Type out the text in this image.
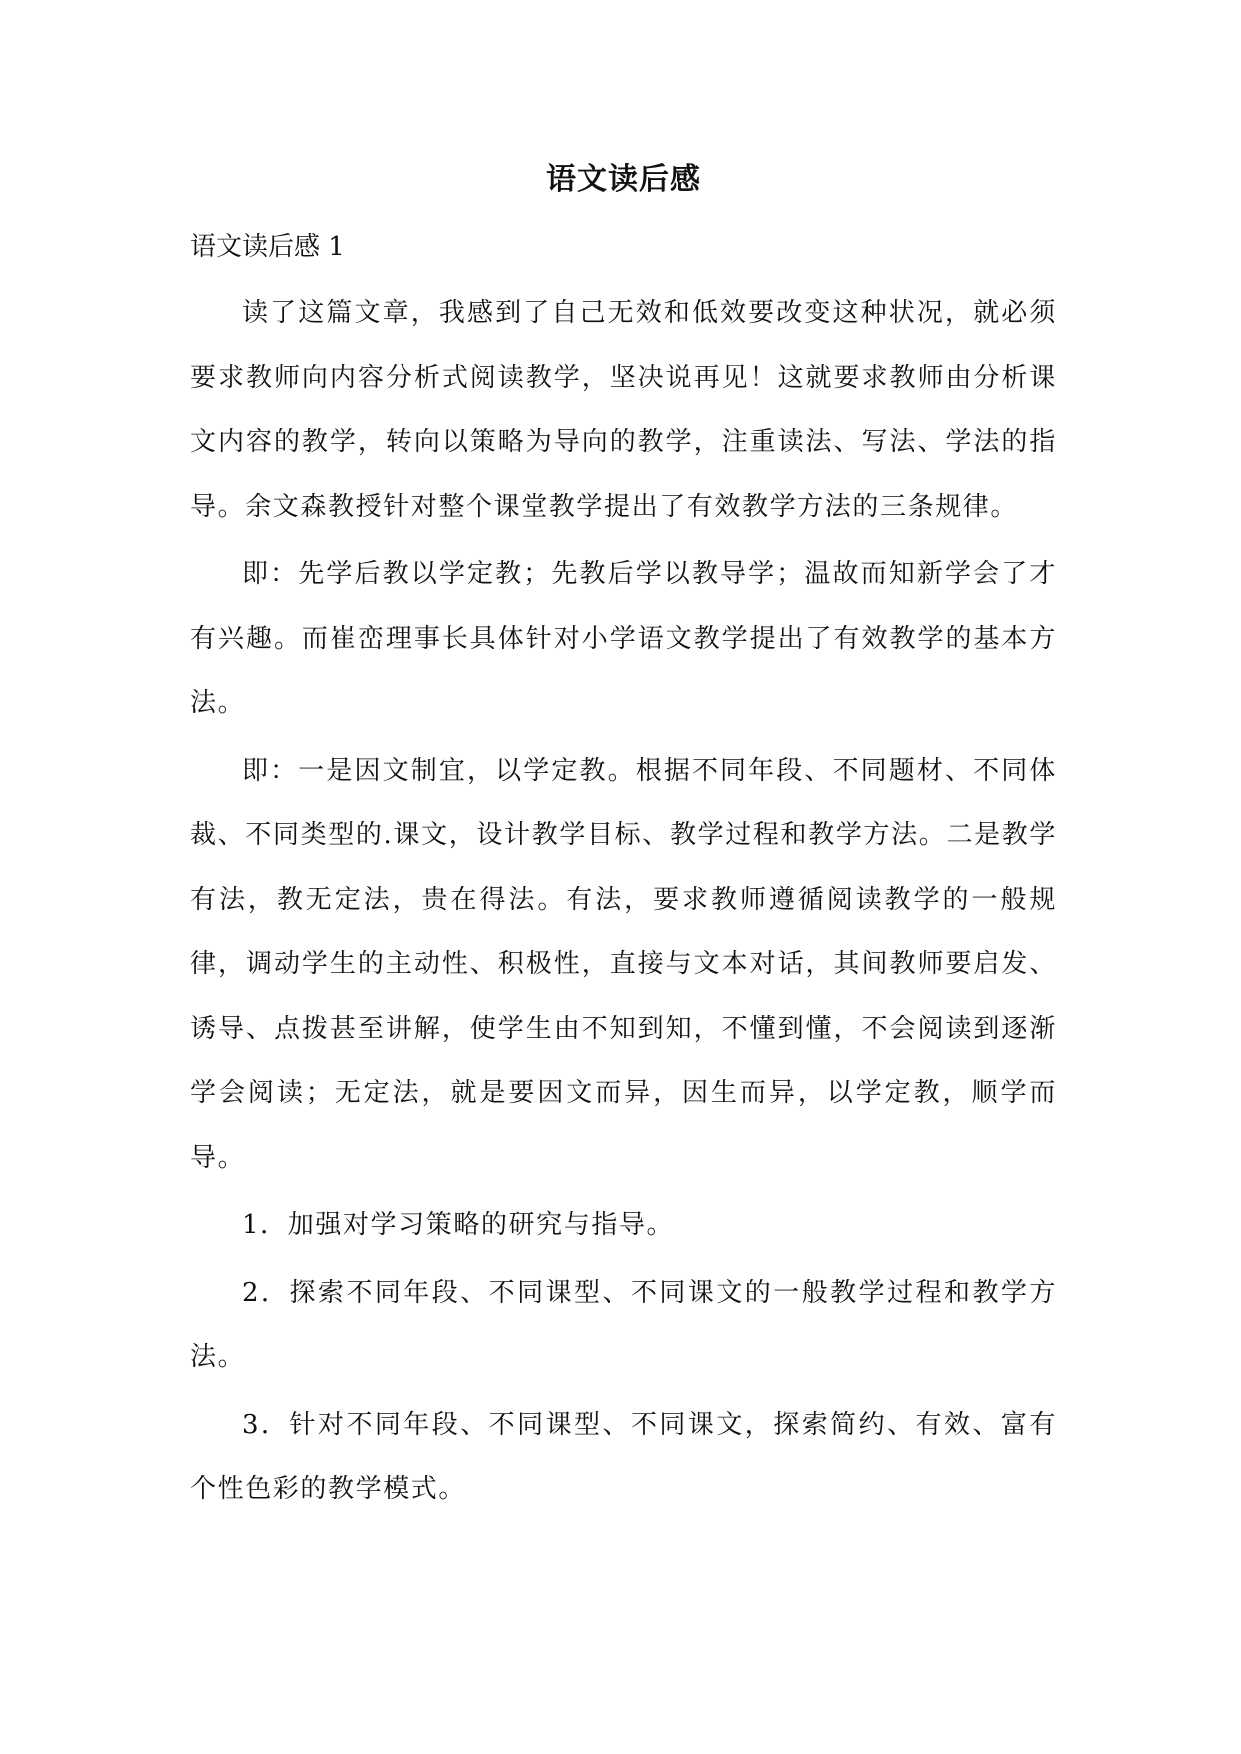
语文读后感

语文读后感 1

读了这篇文章，我感到了自己无效和低效要改变这种状况，就必须要求教师向内容分析式阅读教学，坚决说再见！这就要求教师由分析课文内容的教学，转向以策略为导向的教学，注重读法、写法、学法的指导。余文森教授针对整个课堂教学提出了有效教学方法的三条规律。

即：先学后教以学定教；先教后学以教导学；温故而知新学会了才有兴趣。而崔峦理事长具体针对小学语文教学提出了有效教学的基本方法。

即：一是因文制宜，以学定教。根据不同年段、不同题材、不同体裁、不同类型的.课文，设计教学目标、教学过程和教学方法。二是教学有法，教无定法，贵在得法。有法，要求教师遵循阅读教学的一般规律，调动学生的主动性、积极性，直接与文本对话，其间教师要启发、诱导、点拨甚至讲解，使学生由不知到知，不懂到懂，不会阅读到逐渐学会阅读；无定法，就是要因文而异，因生而异，以学定教，顺学而导。

1．加强对学习策略的研究与指导。

2．探索不同年段、不同课型、不同课文的一般教学过程和教学方法。

3．针对不同年段、不同课型、不同课文，探索简约、有效、富有个性色彩的教学模式。
